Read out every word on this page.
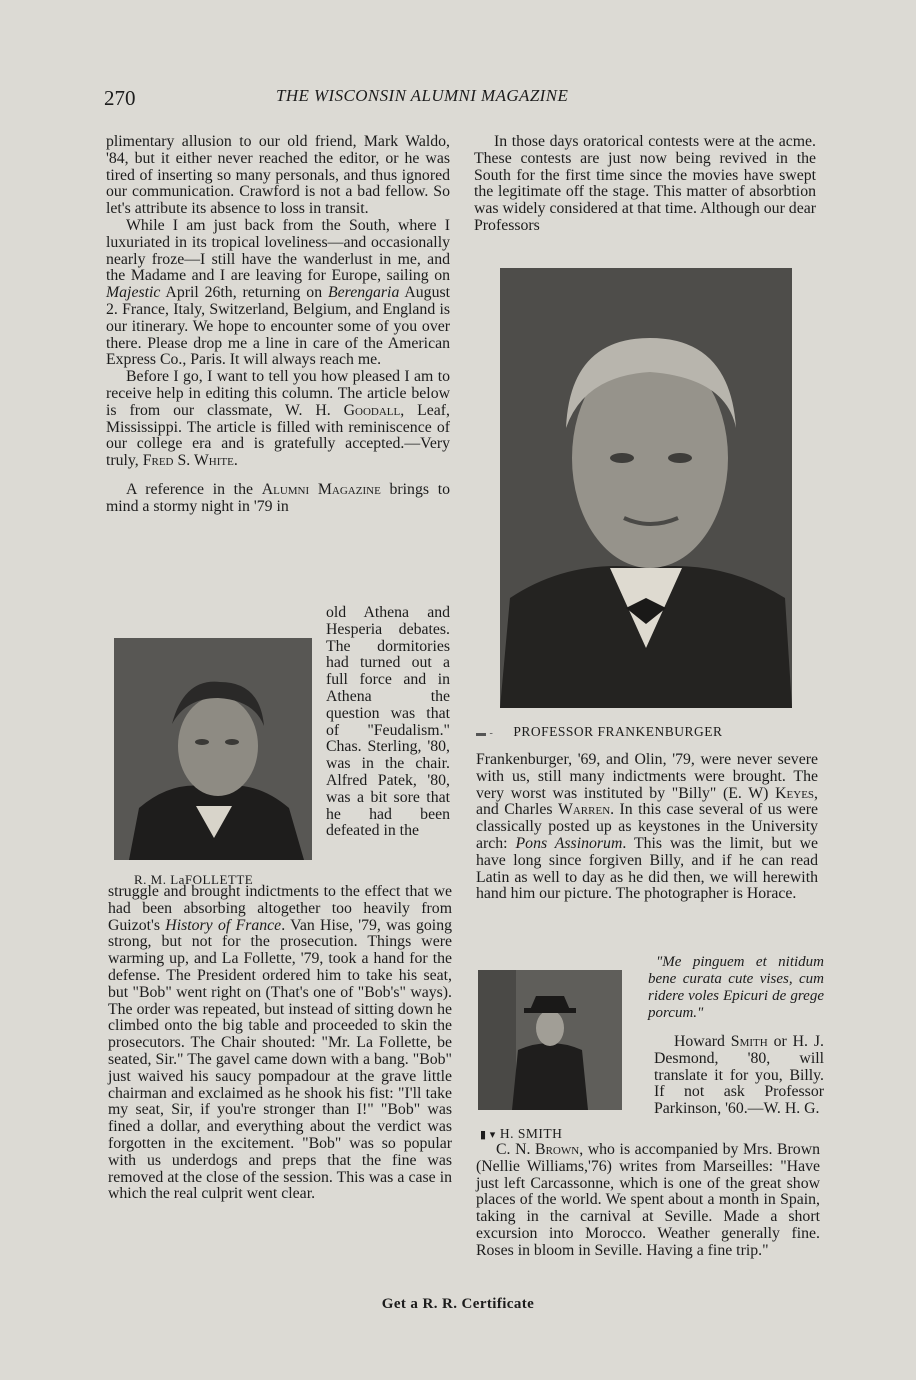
270	THE WISCONSIN ALUMNI MAGAZINE

plimentary allusion to our old friend, Mark Waldo, '84, but it either never reached the editor, or he was tired of inserting so many personals, and thus ignored our communication. Crawford is not a bad fellow. So let's attribute its absence to loss in transit.

While I am just back from the South, where I luxuriated in its tropical loveliness—and occasionally nearly froze—I still have the wanderlust in me, and the Madame and I are leaving for Europe, sailing on Majestic April 26th, returning on Berengaria August 2. France, Italy, Switzerland, Belgium, and England is our itinerary. We hope to encounter some of you over there. Please drop me a line in care of the American Express Co., Paris. It will always reach me.

Before I go, I want to tell you how pleased I am to receive help in editing this column. The article below is from our classmate, W. H. Goodall, Leaf, Mississippi. The article is filled with reminiscence of our college era and is gratefully accepted.—Very truly, Fred S. White.

A reference in the Alumni Magazine brings to mind a stormy night in '79 in

old Athena and Hesperia debates. The dormitories had turned out a full force and in Athena the question was that of "Feudalism." Chas. Sterling, '80, was in the chair. Alfred Patek, '80, was a bit sore that he had been defeated in the

R. M. LaFOLLETTE

struggle and brought indictments to the effect that we had been absorbing altogether too heavily from Guizot's History of France. Van Hise, '79, was going strong, but not for the prosecution. Things were warming up, and La Follette, '79, took a hand for the defense. The President ordered him to take his seat, but "Bob" went right on (That's one of "Bob's" ways). The order was repeated, but instead of sitting down he climbed onto the big table and proceeded to skin the prosecutors. The Chair shouted: "Mr. La Follette, be seated, Sir." The gavel came down with a bang. "Bob" just waived his saucy pompadour at the grave little chairman and exclaimed as he shook his fist: "I'll take my seat, Sir, if you're stronger than I!" "Bob" was fined a dollar, and everything about the verdict was forgotten in the excitement. "Bob" was so popular with us underdogs and preps that the fine was removed at the close of the session. This was a case in which the real culprit went clear.

In those days oratorical contests were at the acme. These contests are just now being revived in the South for the first time since the movies have swept the legitimate off the stage. This matter of absorbtion was widely considered at that time. Although our dear Professors

▬ - PROFESSOR FRANKENBURGER

Frankenburger, '69, and Olin, '79, were never severe with us, still many indictments were brought. The very worst was instituted by "Billy" (E. W) Keyes, and Charles Warren. In this case several of us were classically posted up as keystones in the University arch: Pons Assinorum. This was the limit, but we have long since forgiven Billy, and if he can read Latin as well to day as he did then, we will herewith hand him our picture. The photographer is Horace.

"Me pinguem et nitidum bene curata cute vises, cum ridere voles Epicuri de grege porcum."

Howard Smith or H. J. Desmond, '80, will translate it for you, Billy. If not ask Professor Parkinson, '60.—W. H. G.

▮ ▾ H. SMITH

C. N. Brown, who is accompanied by Mrs. Brown (Nellie Williams,'76) writes from Marseilles: "Have just left Carcassonne, which is one of the great show places of the world. We spent about a month in Spain, taking in the carnival at Seville. Made a short excursion into Morocco. Weather generally fine. Roses in bloom in Seville. Having a fine trip."

Get a R. R. Certificate
